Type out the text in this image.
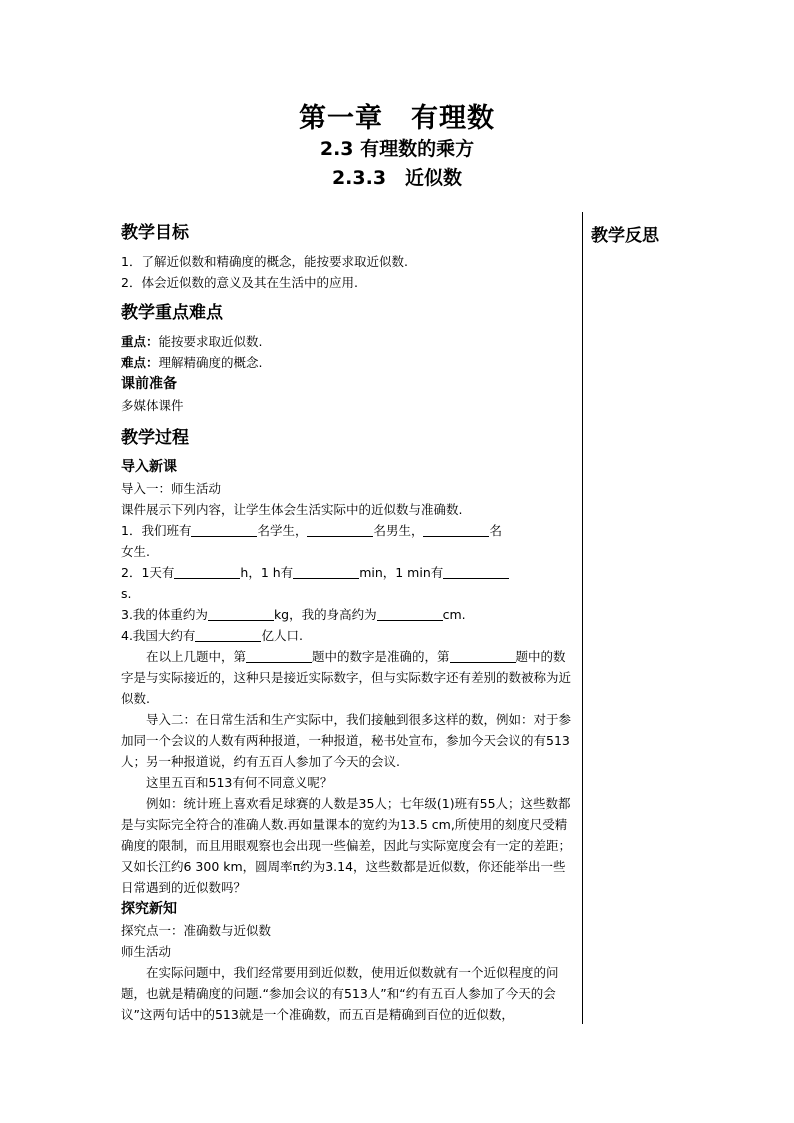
第一章　有理数
2.3 有理数的乘方
2.3.3　近似数
教学反思
教学目标

1．了解近似数和精确度的概念，能按要求取近似数.

2．体会近似数的意义及其在生活中的应用.

教学重点难点

重点：能按要求取近似数.

难点：理解精确度的概念.

课前准备

多媒体课件

教学过程
导入新课

导入一：师生活动

课件展示下列内容，让学生体会生活实际中的近似数与准确数.

1．我们班有	名学生，	名男生，	名

女生.

2．1天有	h，1 h有	min，1 min有

s.

3.我的体重约为	kg，我的身高约为	cm.

4.我国大约有	亿人口.

在以上几题中，第	题中的数字是准确的，第	题中的数字是与实际接近的，这种只是接近实际数字，但与实际数字还有差别的数被称为近似数.

导入二：在日常生活和生产实际中，我们接触到很多这样的数，例如：对于参加同一个会议的人数有两种报道，一种报道，秘书处宣布，参加今天会议的有513人；另一种报道说，约有五百人参加了今天的会议.

这里五百和513有何不同意义呢？

例如：统计班上喜欢看足球赛的人数是35人；七年级(1)班有55人；这些数都是与实际完全符合的准确人数.再如量课本的宽约为13.5 cm,所使用的刻度尺受精确度的限制，而且用眼观察也会出现一些偏差，因此与实际宽度会有一定的差距；又如长江约6 300 km，圆周率π约为3.14，这些数都是近似数，你还能举出一些日常遇到的近似数吗？

探究新知

探究点一：准确数与近似数

师生活动

在实际问题中，我们经常要用到近似数，使用近似数就有一个近似程度的问题，也就是精确度的问题.“参加会议的有513人”和“约有五百人参加了今天的会议”这两句话中的513就是一个准确数，而五百是精确到百位的近似数，
